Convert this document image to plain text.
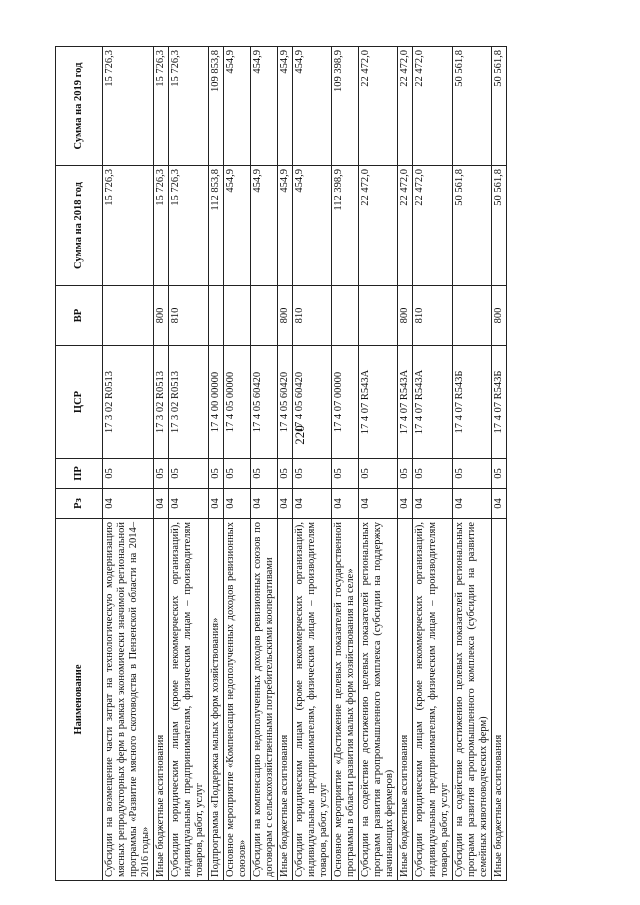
220
Наименование	Рз	ПР	ЦСР	ВР	Сумма на 2018 год	Сумма на 2019 год
Субсидии на возмещение части затрат на технологическую модернизацию мясных репродукторных ферм в рамках экономически значимой региональной программы «Развитие мясного скотоводства в Пензенской области на 2014–2016 годы»	04	05	17 3 02 R0513		15 726,3	15 726,3
Иные бюджетные ассигнования	04	05	17 3 02 R0513	800	15 726,3	15 726,3
Субсидии юридическим лицам (кроме некоммерческих организаций), индивидуальным предпринимателям, физическим лицам – производителям товаров, работ, услуг	04	05	17 3 02 R0513	810	15 726,3	15 726,3
Подпрограмма «Поддержка малых форм хозяйствования»	04	05	17 4 00 00000		112 853,8	109 853,8
Основное мероприятие «Компенсация недополученных доходов ревизионных союзов»	04	05	17 4 05 00000		454,9	454,9
Субсидии на компенсацию недополученных доходов ревизионных союзов по договорам с сельскохозяйственными потребительскими кооперативами	04	05	17 4 05 60420		454,9	454,9
Иные бюджетные ассигнования	04	05	17 4 05 60420	800	454,9	454,9
Субсидии юридическим лицам (кроме некоммерческих организаций), индивидуальным предпринимателям, физическим лицам – производителям товаров, работ, услуг	04	05	17 4 05 60420	810	454,9	454,9
Основное мероприятие «Достижение целевых показателей государственной программы в области развития малых форм хозяйствования на селе»	04	05	17 4 07 00000		112 398,9	109 398,9
Субсидии на содействие достижению целевых показателей региональных программ развития агропромышленного комплекса (субсидии на поддержку начинающих фермеров)	04	05	17 4 07 R543А		22 472,0	22 472,0
Иные бюджетные ассигнования	04	05	17 4 07 R543А	800	22 472,0	22 472,0
Субсидии юридическим лицам (кроме некоммерческих организаций), индивидуальным предпринимателям, физическим лицам – производителям товаров, работ, услуг	04	05	17 4 07 R543А	810	22 472,0	22 472,0
Субсидии на содействие достижению целевых показателей региональных программ развития агропромышленного комплекса (субсидии на развитие семейных животноводческих ферм)	04	05	17 4 07 R543Б		50 561,8	50 561,8
Иные бюджетные ассигнования	04	05	17 4 07 R543Б	800	50 561,8	50 561,8
